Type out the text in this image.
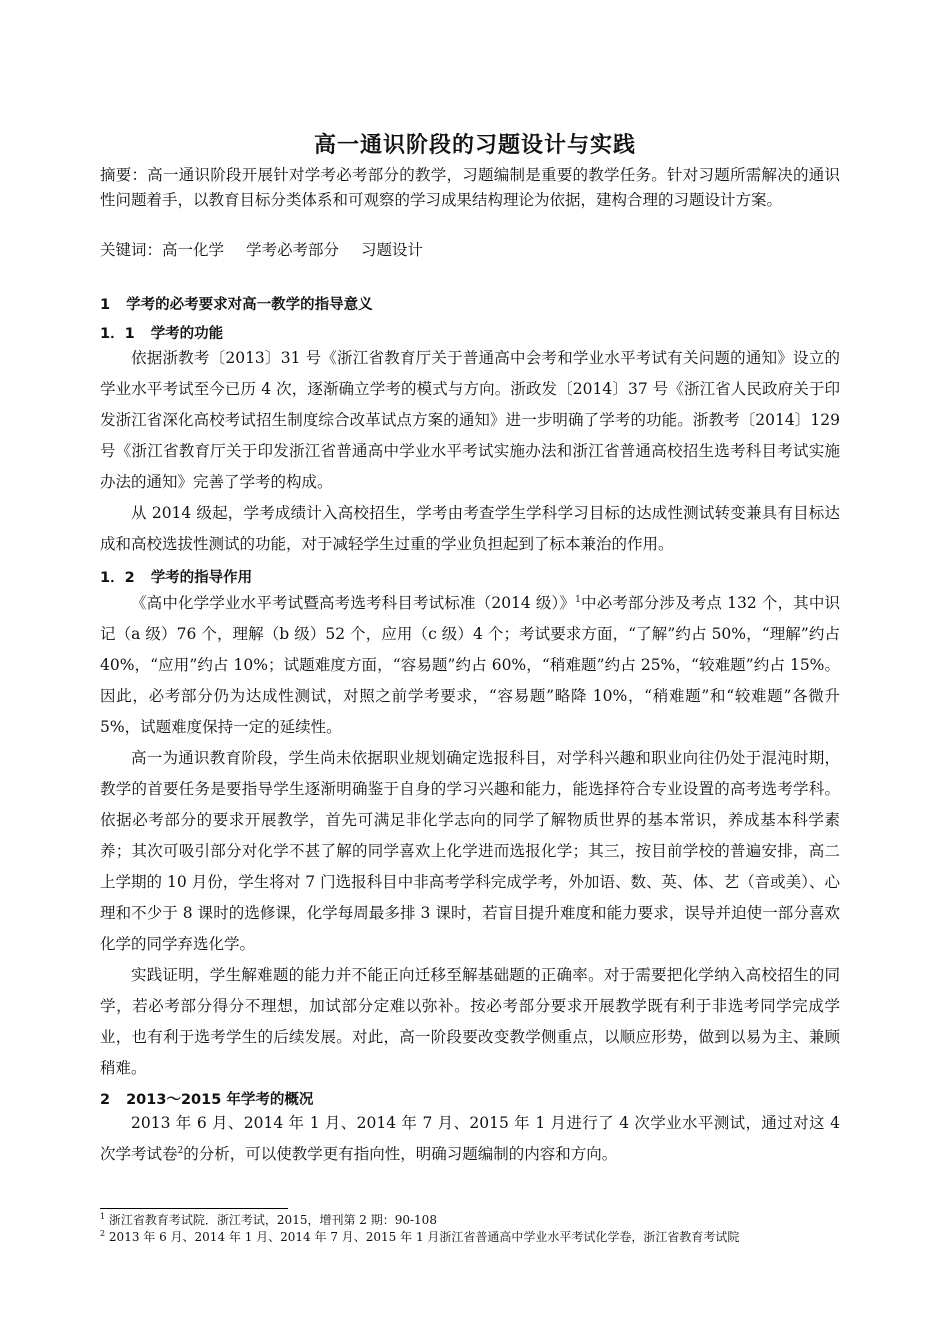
高一通识阶段的习题设计与实践
摘要：高一通识阶段开展针对学考必考部分的教学，习题编制是重要的教学任务。针对习题所需解决的通识性问题着手，以教育目标分类体系和可观察的学习成果结构理论为依据，建构合理的习题设计方案。
关键词：高一化学 学考必考部分 习题设计
1 学考的必考要求对高一教学的指导意义
1．1 学考的功能

依据浙教考〔2013〕31 号《浙江省教育厅关于普通高中会考和学业水平考试有关问题的通知》设立的学业水平考试至今已历 4 次，逐渐确立学考的模式与方向。浙政发〔2014〕37 号《浙江省人民政府关于印发浙江省深化高校考试招生制度综合改革试点方案的通知》进一步明确了学考的功能。浙教考〔2014〕129 号《浙江省教育厅关于印发浙江省普通高中学业水平考试实施办法和浙江省普通高校招生选考科目考试实施办法的通知》完善了学考的构成。

从 2014 级起，学考成绩计入高校招生，学考由考查学生学科学习目标的达成性测试转变兼具有目标达成和高校选拔性测试的功能，对于减轻学生过重的学业负担起到了标本兼治的作用。

1．2 学考的指导作用

《高中化学学业水平考试暨高考选考科目考试标准（2014 级）》$^1$中必考部分涉及考点 132 个，其中识记（a 级）76 个，理解（b 级）52 个，应用（c 级）4 个；考试要求方面，“了解”约占 50%，“理解”约占 40%，“应用”约占 10%；试题难度方面，“容易题”约占 60%，“稍难题”约占 25%，“较难题”约占 15%。因此，必考部分仍为达成性测试，对照之前学考要求，“容易题”略降 10%，“稍难题”和“较难题”各微升 5%，试题难度保持一定的延续性。

高一为通识教育阶段，学生尚未依据职业规划确定选报科目，对学科兴趣和职业向往仍处于混沌时期，教学的首要任务是要指导学生逐渐明确鉴于自身的学习兴趣和能力，能选择符合专业设置的高考选考学科。依据必考部分的要求开展教学，首先可满足非化学志向的同学了解物质世界的基本常识，养成基本科学素养；其次可吸引部分对化学不甚了解的同学喜欢上化学进而选报化学；其三，按目前学校的普遍安排，高二上学期的 10 月份，学生将对 7 门选报科目中非高考学科完成学考，外加语、数、英、体、艺（音或美）、心理和不少于 8 课时的选修课，化学每周最多排 3 课时，若盲目提升难度和能力要求，误导并迫使一部分喜欢化学的同学弃选化学。

实践证明，学生解难题的能力并不能正向迁移至解基础题的正确率。对于需要把化学纳入高校招生的同学，若必考部分得分不理想，加试部分定难以弥补。按必考部分要求开展教学既有利于非选考同学完成学业，也有利于选考学生的后续发展。对此，高一阶段要改变教学侧重点，以顺应形势，做到以易为主、兼顾稍难。

2 2013～2015 年学考的概况

2013 年 6 月、2014 年 1 月、2014 年 7 月、2015 年 1 月进行了 4 次学业水平测试，通过对这 4 次学考试卷$^2$的分析，可以使教学更有指向性，明确习题编制的内容和方向。

$^1$ 浙江省教育考试院．浙江考试，2015，增刊第 2 期：90-108
$^2$ 2013 年 6 月、2014 年 1 月、2014 年 7 月、2015 年 1 月浙江省普通高中学业水平考试化学卷，浙江省教育考试院
